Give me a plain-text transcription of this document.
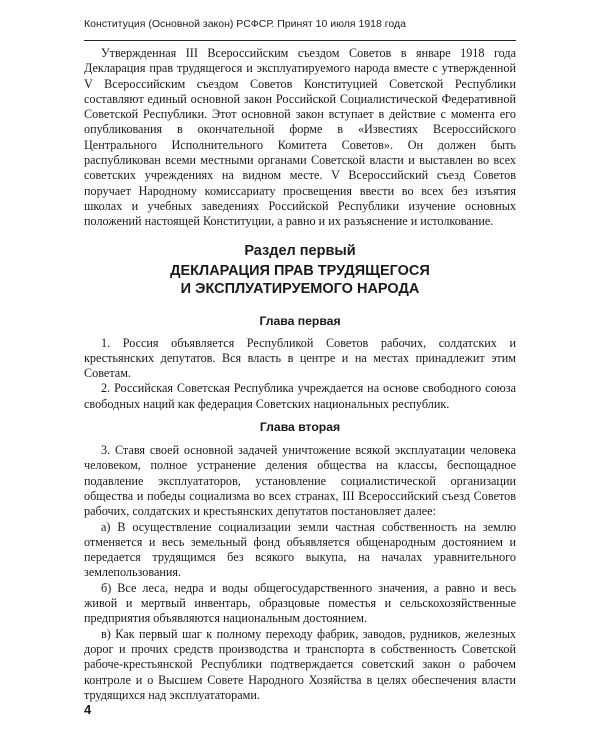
Конституция (Основной закон) РСФСР. Принят 10 июля 1918 года

Утвержденная III Всероссийским съездом Советов в январе 1918 года Декларация прав трудящегося и эксплуатируемого народа вместе с утвержденной V Всероссийским съездом Советов Конституцией Советской Республики составляют единый основной закон Российской Социалистической Федеративной Советской Республики. Этот основной закон вступает в действие с момента его опубликования в окончательной форме в «Известиях Всероссийского Центрального Исполнительного Комитета Советов». Он должен быть распубликован всеми местными органами Советской власти и выставлен во всех советских учреждениях на видном месте. V Всероссийский съезд Советов поручает Народному комиссариату просвещения ввести во всех без изъятия школах и учебных заведениях Российской Республики изучение основных положений настоящей Конституции, а равно и их разъяснение и истолкование.

Раздел первый
ДЕКЛАРАЦИЯ ПРАВ ТРУДЯЩЕГОСЯ
И ЭКСПЛУАТИРУЕМОГО НАРОДА
Глава первая

1. Россия объявляется Республикой Советов рабочих, солдатских и крестьянских депутатов. Вся власть в центре и на местах принадлежит этим Советам.

2. Российская Советская Республика учреждается на основе свободного союза свободных наций как федерация Советских национальных республик.

Глава вторая

3. Ставя своей основной задачей уничтожение всякой эксплуатации человека человеком, полное устранение деления общества на классы, беспощадное подавление эксплуататоров, установление социалистической организации общества и победы социализма во всех странах, III Всероссийский съезд Советов рабочих, солдатских и крестьянских депутатов постановляет далее:

а) В осуществление социализации земли частная собственность на землю отменяется и весь земельный фонд объявляется общенародным достоянием и передается трудящимся без всякого выкупа, на началах уравнительного землепользования.

б) Все леса, недра и воды общегосударственного значения, а равно и весь живой и мертвый инвентарь, образцовые поместья и сельскохозяйственные предприятия объявляются национальным достоянием.

в) Как первый шаг к полному переходу фабрик, заводов, рудников, железных дорог и прочих средств производства и транспорта в собственность Советской рабоче-крестьянской Республики подтверждается советский закон о рабочем контроле и о Высшем Совете Народного Хозяйства в целях обеспечения власти трудящихся над эксплуататорами.

4
